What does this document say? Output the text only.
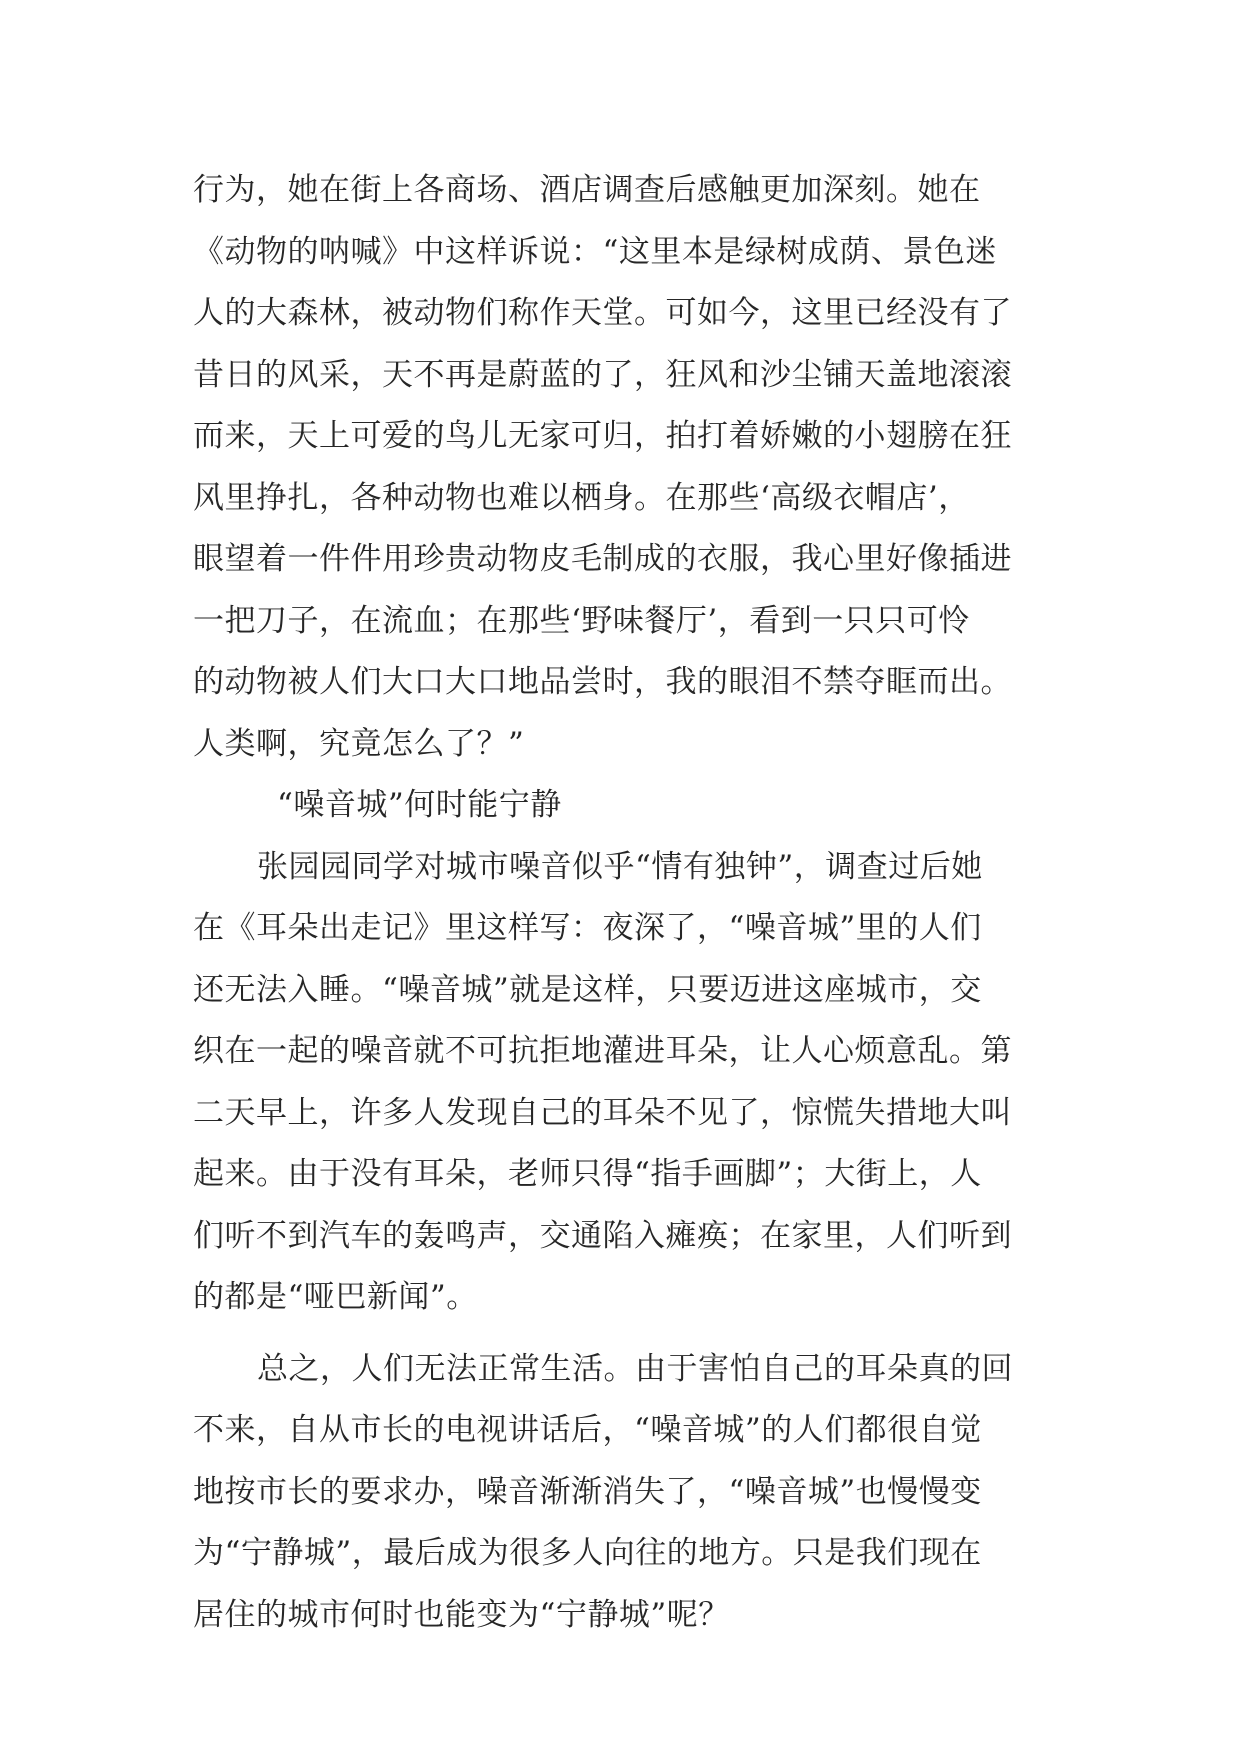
行为，她在街上各商场、酒店调查后感触更加深刻。她在
《动物的呐喊》中这样诉说：“这里本是绿树成荫、景色迷
人的大森林，被动物们称作天堂。可如今，这里已经没有了
昔日的风采，天不再是蔚蓝的了，狂风和沙尘铺天盖地滚滚
而来，天上可爱的鸟儿无家可归，拍打着娇嫩的小翅膀在狂
风里挣扎，各种动物也难以栖身。在那些‘高级衣帽店’，
眼望着一件件用珍贵动物皮毛制成的衣服，我心里好像插进
一把刀子，在流血；在那些‘野味餐厅’，看到一只只可怜
的动物被人们大口大口地品尝时，我的眼泪不禁夺眶而出。
人类啊，究竟怎么了？”
“噪音城”何时能宁静
张园园同学对城市噪音似乎“情有独钟”，调查过后她
在《耳朵出走记》里这样写：夜深了，“噪音城”里的人们
还无法入睡。“噪音城”就是这样，只要迈进这座城市，交
织在一起的噪音就不可抗拒地灌进耳朵，让人心烦意乱。第
二天早上，许多人发现自己的耳朵不见了，惊慌失措地大叫
起来。由于没有耳朵，老师只得“指手画脚”；大街上，人
们听不到汽车的轰鸣声，交通陷入瘫痪；在家里，人们听到
的都是“哑巴新闻”。
总之，人们无法正常生活。由于害怕自己的耳朵真的回
不来，自从市长的电视讲话后，“噪音城”的人们都很自觉
地按市长的要求办，噪音渐渐消失了，“噪音城”也慢慢变
为“宁静城”，最后成为很多人向往的地方。只是我们现在
居住的城市何时也能变为“宁静城”呢？
